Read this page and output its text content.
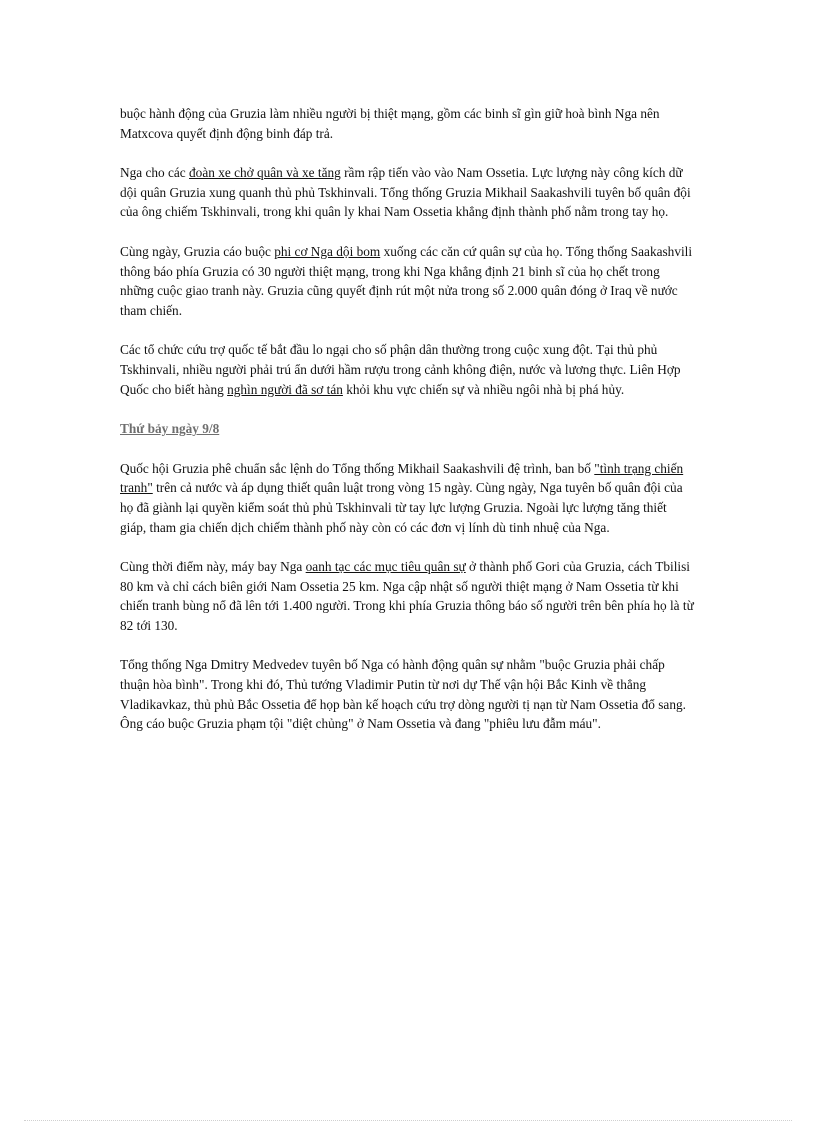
buộc hành động của Gruzia làm nhiều người bị thiệt mạng, gồm các binh sĩ gìn giữ hoà bình Nga nên Matxcova quyết định động binh đáp trả.

Nga cho các đoàn xe chở quân và xe tăng rầm rập tiến vào vào Nam Ossetia. Lực lượng này công kích dữ dội quân Gruzia xung quanh thủ phủ Tskhinvali. Tổng thống Gruzia Mikhail Saakashvili tuyên bố quân đội của ông chiếm Tskhinvali, trong khi quân ly khai Nam Ossetia khẳng định thành phố nằm trong tay họ.

Cùng ngày, Gruzia cáo buộc phi cơ Nga dội bom xuống các căn cứ quân sự của họ. Tổng thống Saakashvili thông báo phía Gruzia có 30 người thiệt mạng, trong khi Nga khẳng định 21 binh sĩ của họ chết trong những cuộc giao tranh này. Gruzia cũng quyết định rút một nửa trong số 2.000 quân đóng ở Iraq về nước tham chiến.

Các tổ chức cứu trợ quốc tế bắt đầu lo ngại cho số phận dân thường trong cuộc xung đột. Tại thủ phủ Tskhinvali, nhiều người phải trú ẩn dưới hầm rượu trong cảnh không điện, nước và lương thực. Liên Hợp Quốc cho biết hàng nghìn người đã sơ tán khỏi khu vực chiến sự và nhiều ngôi nhà bị phá hủy.

Thứ bảy ngày 9/8

Quốc hội Gruzia phê chuẩn sắc lệnh do Tổng thống Mikhail Saakashvili đệ trình, ban bố "tình trạng chiến tranh" trên cả nước và áp dụng thiết quân luật trong vòng 15 ngày. Cùng ngày, Nga tuyên bố quân đội của họ đã giành lại quyền kiểm soát thủ phủ Tskhinvali từ tay lực lượng Gruzia. Ngoài lực lượng tăng thiết giáp, tham gia chiến dịch chiếm thành phố này còn có các đơn vị lính dù tinh nhuệ của Nga.

Cùng thời điểm này, máy bay Nga oanh tạc các mục tiêu quân sự ở thành phố Gori của Gruzia, cách Tbilisi 80 km và chỉ cách biên giới Nam Ossetia 25 km. Nga cập nhật số người thiệt mạng ở Nam Ossetia từ khi chiến tranh bùng nổ đã lên tới 1.400 người. Trong khi phía Gruzia thông báo số người trên bên phía họ là từ 82 tới 130.

Tổng thống Nga Dmitry Medvedev tuyên bố Nga có hành động quân sự nhằm "buộc Gruzia phải chấp thuận hòa bình". Trong khi đó, Thủ tướng Vladimir Putin từ nơi dự Thế vận hội Bắc Kinh về thẳng Vladikavkaz, thủ phủ Bắc Ossetia để họp bàn kế hoạch cứu trợ dòng người tị nạn từ Nam Ossetia đổ sang. Ông cáo buộc Gruzia phạm tội "diệt chủng" ở Nam Ossetia và đang "phiêu lưu đẫm máu".
